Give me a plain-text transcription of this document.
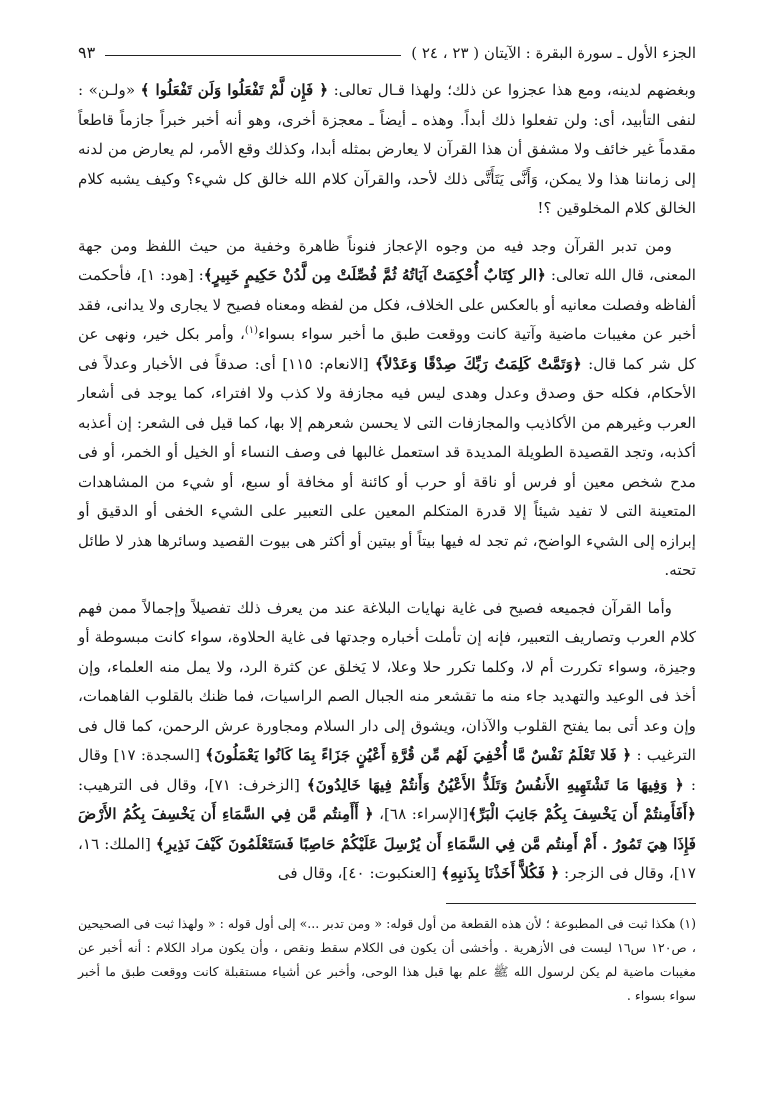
الجزء الأول ـ سورة البقرة : الآيتان ( ٢٣ ، ٢٤ )
٩٣

وبغضهم لدينه، ومع هذا عجزوا عن ذلك؛ ولهذا قـال تعالى: ﴿ فَإِن لَّمْ تَفْعَلُوا وَلَن تَفْعَلُوا ﴾ «ولـن» : لنفى التأبيد، أى: ولن تفعلوا ذلك أبداً. وهذه ـ أيضاً ـ معجزة أخرى، وهو أنه أخبر خبراً جازماً قاطعاً مقدماً غير خائف ولا مشفق أن هذا القرآن لا يعارض بمثله أبدا، وكذلك وقع الأمر، لم يعارض من لدنه إلى زماننا هذا ولا يمكن، وَأَنَّى يَتَأَتَّى ذلك لأحد، والقرآن كلام الله خالق كل شيء؟ وكيف يشبه كلام الخالق كلام المخلوقين ؟!

ومن تدبر القرآن وجد فيه من وجوه الإعجاز فنوناً ظاهرة وخفية من حيث اللفظ ومن جهة المعنى، قال الله تعالى: ﴿الر كِتَابٌ أُحْكِمَتْ آيَاتُهُ ثُمَّ فُصِّلَتْ مِن لَّدُنْ حَكِيمٍ خَبِيرٍ﴾: [هود: ١]، فأحكمت ألفاظه وفصلت معانيه أو بالعكس على الخلاف، فكل من لفظه ومعناه فصيح لا يجارى ولا يدانى، فقد أخبر عن مغيبات ماضية وآتية كانت ووقعت طبق ما أخبر سواء بسواء$^{(١)}$، وأمر بكل خير، ونهى عن كل شر كما قال: ﴿وَتَمَّتْ كَلِمَتُ رَبِّكَ صِدْقًا وَعَدْلاً﴾ [الانعام: ١١٥] أى: صدقاً فى الأخبار وعدلاً فى الأحكام، فكله حق وصدق وعدل وهدى ليس فيه مجازفة ولا كذب ولا افتراء، كما يوجد فى أشعار العرب وغيرهم من الأكاذيب والمجازفات التى لا يحسن شعرهم إلا بها، كما قيل فى الشعر: إن أعذبه أكذبه، وتجد القصيدة الطويلة المديدة قد استعمل غالبها فى وصف النساء أو الخيل أو الخمر، أو فى مدح شخص معين أو فرس أو ناقة أو حرب أو كائنة أو مخافة أو سبع، أو شيء من المشاهدات المتعينة التى لا تفيد شيئاً إلا قدرة المتكلم المعين على التعبير على الشيء الخفى أو الدقيق أو إبرازه إلى الشيء الواضح، ثم تجد له فيها بيتاً أو بيتين أو أكثر هى بيوت القصيد وسائرها هذر لا طائل تحته.

وأما القرآن فجميعه فصيح فى غاية نهايات البلاغة عند من يعرف ذلك تفصيلاً وإجمالاً ممن فهم كلام العرب وتصاريف التعبير، فإنه إن تأملت أخباره وجدتها فى غاية الحلاوة، سواء كانت مبسوطة أو وجيزة، وسواء تكررت أم لا، وكلما تكرر حلا وعلا، لا يَخلق عن كثرة الرد، ولا يمل منه العلماء، وإن أخذ فى الوعيد والتهديد جاء منه ما تقشعر منه الجبال الصم الراسيات، فما ظنك بالقلوب الفاهمات، وإن وعد أتى بما يفتح القلوب والآذان، ويشوق إلى دار السلام ومجاورة عرش الرحمن، كما قال فى الترغيب : ﴿ فَلا تَعْلَمُ نَفْسٌ مَّا أُخْفِيَ لَهُم مِّن قُرَّةِ أَعْيُنٍ جَزَاءً بِمَا كَانُوا يَعْمَلُونَ﴾ [السجدة: ١٧] وقال : ﴿ وَفِيهَا مَا تَشْتَهِيهِ الأَنفُسُ وَتَلَذُّ الأَعْيُنُ وَأَنتُمْ فِيهَا خَالِدُونَ﴾ [الزخرف: ٧١]، وقال فى الترهيب: ﴿أَفَأَمِنتُمْ أَن يَخْسِفَ بِكُمْ جَانِبَ الْبَرِّ﴾[الإسراء: ٦٨]، ﴿ أَأَمِنتُم مَّن فِي السَّمَاءِ أَن يَخْسِفَ بِكُمُ الأَرْضَ فَإِذَا هِيَ تَمُورُ . أَمْ أَمِنتُم مَّن فِي السَّمَاءِ أَن يُرْسِلَ عَلَيْكُمْ حَاصِبًا فَسَتَعْلَمُونَ كَيْفَ نَذِيرِ﴾ [الملك: ١٦، ١٧]، وقال فى الزجر: ﴿ فَكُلاًّ أَخَذْنَا بِذَنبِهِ﴾ [العنكبوت: ٤٠]، وقال فى

(١) هكذا ثبت فى المطبوعة ؛ لأن هذه القطعة من أول قوله: « ومن تدبر ...» إلى أول قوله : « ولهذا ثبت فى الصحيحين ، ص١٢٠ س١٦ ليست فى الأزهرية . وأخشى أن يكون فى الكلام سقط ونقص ، وأن يكون مراد الكلام : أنه أخبر عن مغيبات ماضية لم يكن لرسول الله ﷺ علم بها قبل هذا الوحى، وأخبر عن أشياء مستقبلة كانت ووقعت طبق ما أخبر سواء بسواء .
